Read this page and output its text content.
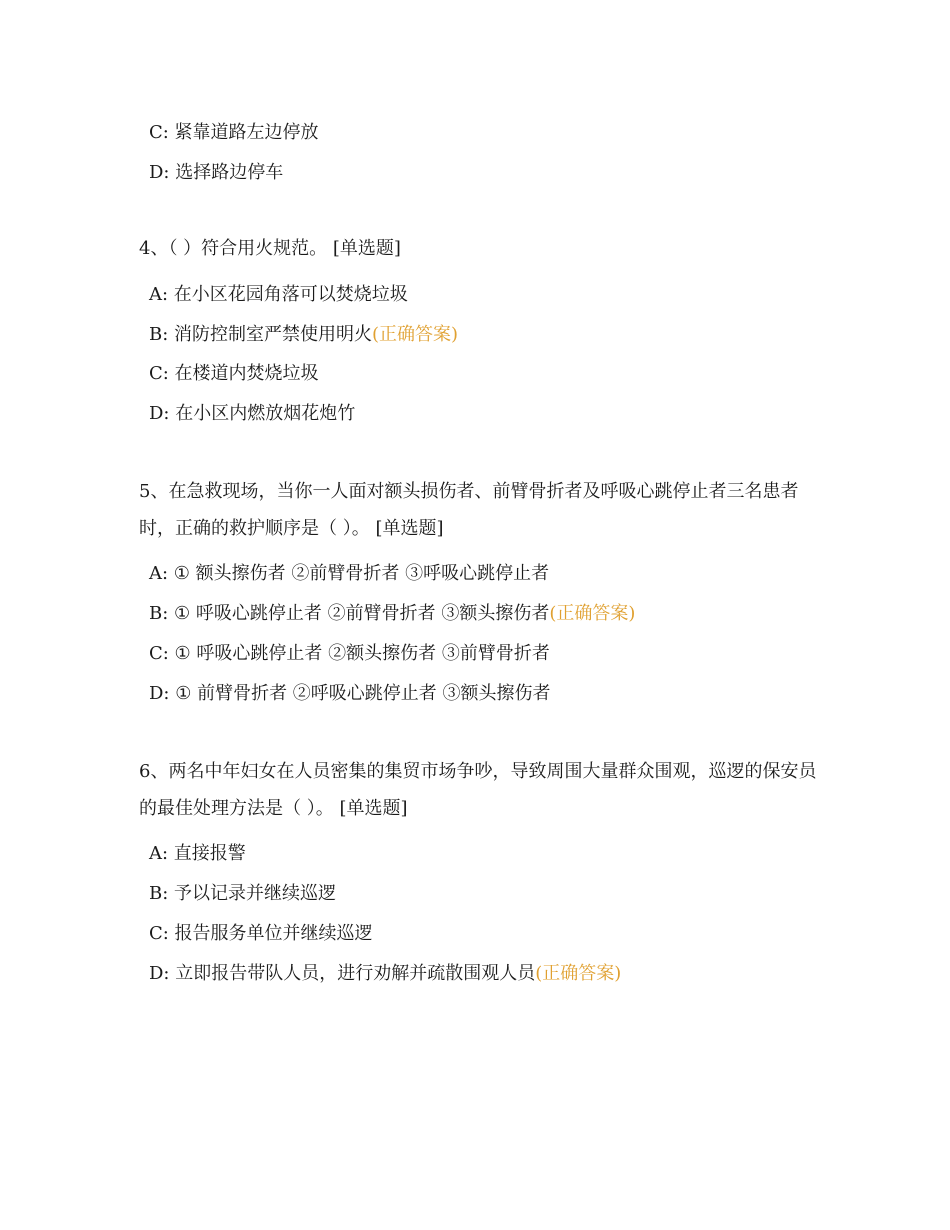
C: 紧靠道路左边停放
D: 选择路边停车
4、（ ）符合用火规范。 [单选题]
A: 在小区花园角落可以焚烧垃圾
B: 消防控制室严禁使用明火(正确答案)
C: 在楼道内焚烧垃圾
D: 在小区内燃放烟花炮竹
5、在急救现场，当你一人面对额头损伤者、前臂骨折者及呼吸心跳停止者三名患者时，正确的救护顺序是（ ）。 [单选题]
A: ① 额头擦伤者 ②前臂骨折者 ③呼吸心跳停止者
B: ① 呼吸心跳停止者 ②前臂骨折者 ③额头擦伤者(正确答案)
C: ① 呼吸心跳停止者 ②额头擦伤者 ③前臂骨折者
D: ① 前臂骨折者 ②呼吸心跳停止者 ③额头擦伤者
6、两名中年妇女在人员密集的集贸市场争吵，导致周围大量群众围观，巡逻的保安员的最佳处理方法是（ ）。 [单选题]
A: 直接报警
B: 予以记录并继续巡逻
C: 报告服务单位并继续巡逻
D: 立即报告带队人员，进行劝解并疏散围观人员(正确答案)
